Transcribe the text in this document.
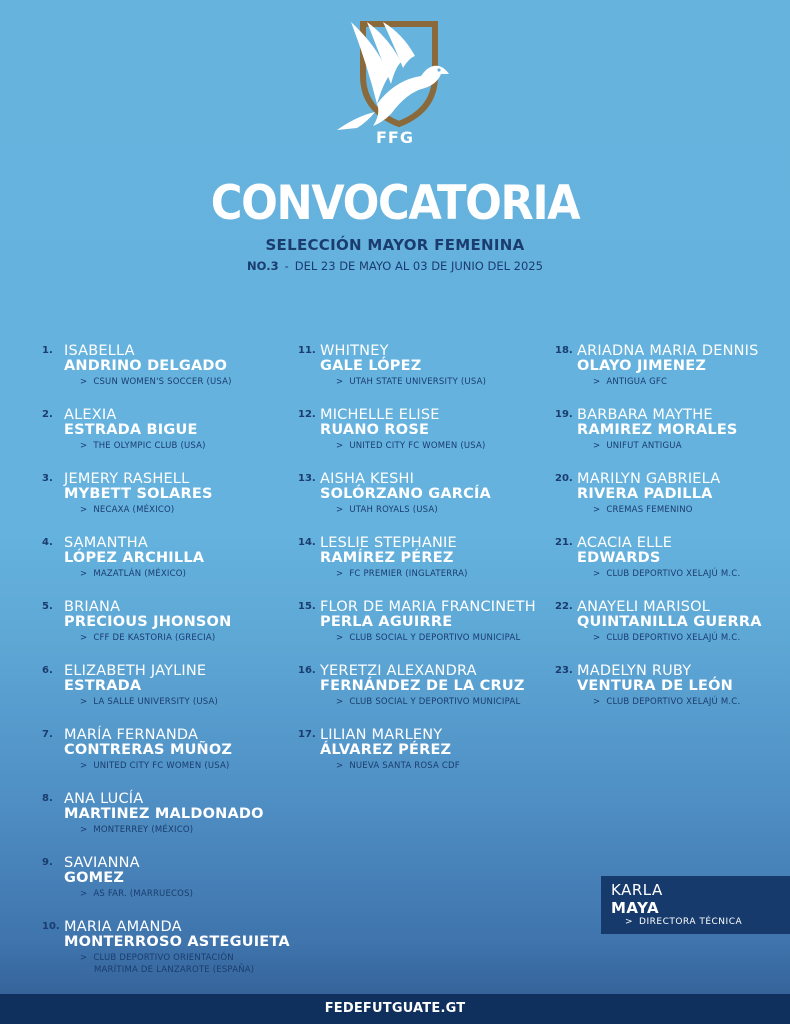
FFG
CONVOCATORIA
SELECCIÓN MAYOR FEMENINA
NO.3 - DEL 23 DE MAYO AL 03 DE JUNIO DEL 2025
1. ISABELLA
ANDRINO DELGADO
> CSUN WOMEN'S SOCCER (USA)
2. ALEXIA
ESTRADA BIGUE
> THE OLYMPIC CLUB (USA)
3. JEMERY RASHELL
MYBETT SOLARES
> NECAXA (MÉXICO)
4. SAMANTHA
LÓPEZ ARCHILLA
> MAZATLÁN (MÉXICO)
5. BRIANA
PRECIOUS JHONSON
> CFF DE KASTORIA (GRECIA)
6. ELIZABETH JAYLINE
ESTRADA
> LA SALLE UNIVERSITY (USA)
7. MARÍA FERNANDA
CONTRERAS MUÑOZ
> UNITED CITY FC WOMEN (USA)
8. ANA LUCÍA
MARTINEZ MALDONADO
> MONTERREY (MÉXICO)
9. SAVIANNA
GOMEZ
> AS FAR. (MARRUECOS)
10. MARIA AMANDA
MONTERROSO ASTEGUIETA
> CLUB DEPORTIVO ORIENTACIÓN
MARÍTIMA DE LANZAROTE (ESPAÑA)
11. WHITNEY
GALE LÓPEZ
> UTAH STATE UNIVERSITY (USA)
12. MICHELLE ELISE
RUANO ROSE
> UNITED CITY FC WOMEN (USA)
13. AISHA KESHI
SOLÓRZANO GARCÍA
> UTAH ROYALS (USA)
14. LESLIE STEPHANIE
RAMÍREZ PÉREZ
> FC PREMIER (INGLATERRA)
15. FLOR DE MARIA FRANCINETH
PERLA AGUIRRE
> CLUB SOCIAL Y DEPORTIVO MUNICIPAL
16. YERETZI ALEXANDRA
FERNÁNDEZ DE LA CRUZ
> CLUB SOCIAL Y DEPORTIVO MUNICIPAL
17. LILIAN MARLENY
ÁLVAREZ PÉREZ
> NUEVA SANTA ROSA CDF
18. ARIADNA MARIA DENNIS
OLAYO JIMENEZ
> ANTIGUA GFC
19. BARBARA MAYTHE
RAMIREZ MORALES
> UNIFUT ANTIGUA
20. MARILYN GABRIELA
RIVERA PADILLA
> CREMAS FEMENINO
21. ACACIA ELLE
EDWARDS
> CLUB DEPORTIVO XELAJÚ M.C.
22. ANAYELI MARISOL
QUINTANILLA GUERRA
> CLUB DEPORTIVO XELAJÚ M.C.
23. MADELYN RUBY
VENTURA DE LEÓN
> CLUB DEPORTIVO XELAJÚ M.C.
KARLA
MAYA
> DIRECTORA TÉCNICA
FEDEFUTGUATE.GT
